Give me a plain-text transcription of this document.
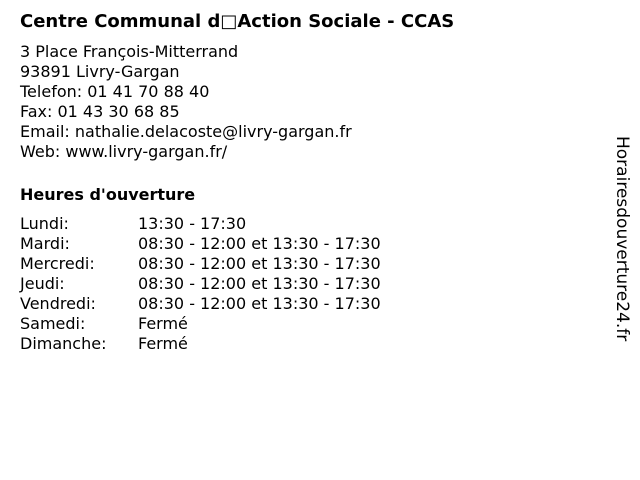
Centre Communal d□Action Sociale - CCAS
3 Place François-Mitterrand
93891 Livry-Gargan
Telefon: 01 41 70 88 40
Fax: 01 43 30 68 85
Email: nathalie.delacoste@livry-gargan.fr
Web: www.livry-gargan.fr/
Heures d'ouverture
Lundi:	13:30 - 17:30
Mardi:	08:30 - 12:00 et 13:30 - 17:30
Mercredi:	08:30 - 12:00 et 13:30 - 17:30
Jeudi:	08:30 - 12:00 et 13:30 - 17:30
Vendredi:	08:30 - 12:00 et 13:30 - 17:30
Samedi:	Fermé
Dimanche:	Fermé
Horairesdouverture24.fr
